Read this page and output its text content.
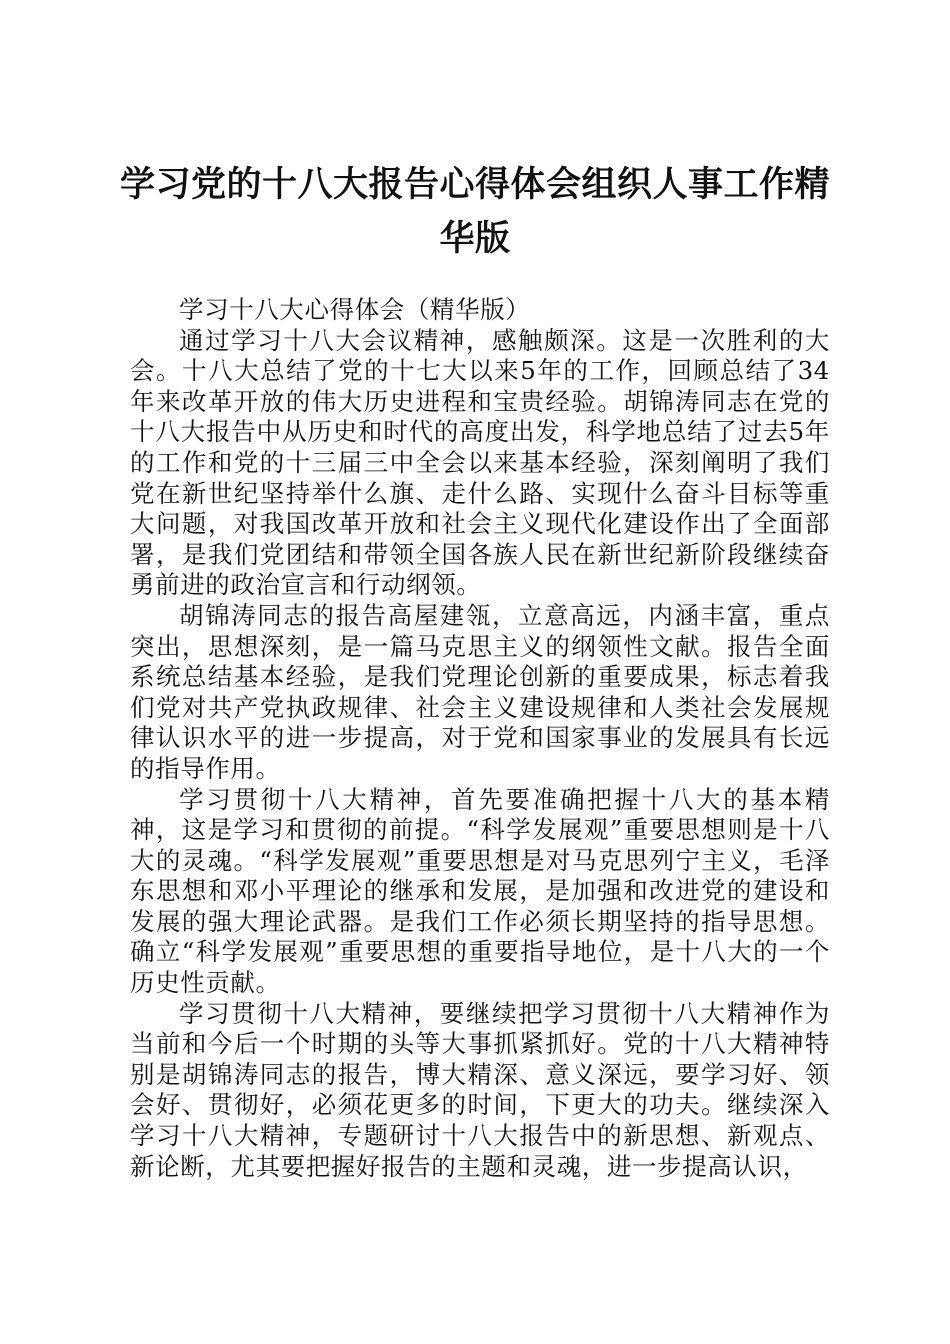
学习党的十八大报告心得体会组织人事工作精华版

学习十八大心得体会（精华版）

通过学习十八大会议精神，感触颇深。这是一次胜利的大会。十八大总结了党的十七大以来5年的工作，回顾总结了34年来改革开放的伟大历史进程和宝贵经验。胡锦涛同志在党的十八大报告中从历史和时代的高度出发，科学地总结了过去5年的工作和党的十三届三中全会以来基本经验，深刻阐明了我们党在新世纪坚持举什么旗、走什么路、实现什么奋斗目标等重大问题，对我国改革开放和社会主义现代化建设作出了全面部署，是我们党团结和带领全国各族人民在新世纪新阶段继续奋勇前进的政治宣言和行动纲领。

胡锦涛同志的报告高屋建瓴，立意高远，内涵丰富，重点突出，思想深刻，是一篇马克思主义的纲领性文献。报告全面系统总结基本经验，是我们党理论创新的重要成果，标志着我们党对共产党执政规律、社会主义建设规律和人类社会发展规律认识水平的进一步提高，对于党和国家事业的发展具有长远的指导作用。

学习贯彻十八大精神，首先要准确把握十八大的基本精神，这是学习和贯彻的前提。“科学发展观”重要思想则是十八大的灵魂。“科学发展观”重要思想是对马克思列宁主义，毛泽东思想和邓小平理论的继承和发展，是加强和改进党的建设和发展的强大理论武器。是我们工作必须长期坚持的指导思想。确立“科学发展观”重要思想的重要指导地位，是十八大的一个历史性贡献。

学习贯彻十八大精神，要继续把学习贯彻十八大精神作为当前和今后一个时期的头等大事抓紧抓好。党的十八大精神特别是胡锦涛同志的报告，博大精深、意义深远，要学习好、领会好、贯彻好，必须花更多的时间，下更大的功夫。继续深入学习十八大精神，专题研讨十八大报告中的新思想、新观点、新论断，尤其要把握好报告的主题和灵魂，进一步提高认识，
